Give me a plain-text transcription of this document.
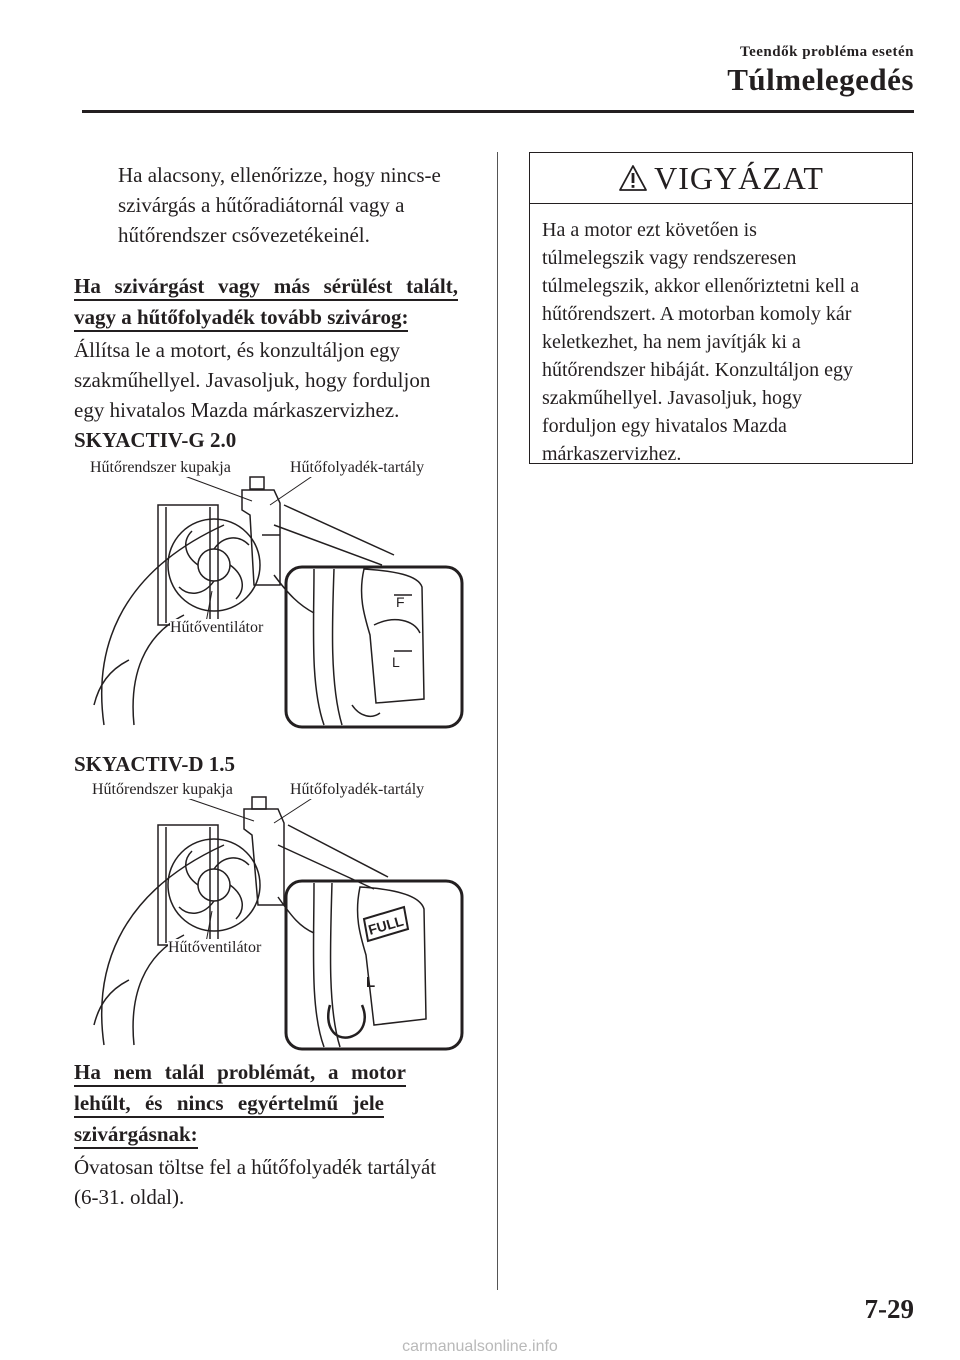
Teendők probléma esetén
Túlmelegedés

Ha alacsony, ellenőrizze, hogy nincs-e

szivárgás a hűtőradiátornál vagy a

hűtőrendszer csővezetékeinél.

Ha szivárgást vagy más sérülést talált,

vagy a hűtőfolyadék tovább szivárog:

Állítsa le a motort, és konzultáljon egy

szakműhellyel. Javasoljuk, hogy forduljon

egy hivatalos Mazda márkaszervizhez.

SKYACTIV-G 2.0

F
L
Hűtőrendszer kupakja	Hűtőfolyadék-tartály
Hűtőventilátor

SKYACTIV-D 1.5

FULL
L
Hűtőrendszer kupakja	Hűtőfolyadék-tartály
Hűtőventilátor

Ha nem talál problémát, a motor

lehűlt, és nincs egyértelmű jele

szivárgásnak:

Óvatosan töltse fel a hűtőfolyadék tartályát

(6-31. oldal).

VIGYÁZAT
Ha a motor ezt követően is
túlmelegszik vagy rendszeresen
túlmelegszik, akkor ellenőriztetni kell a
hűtőrendszert. A motorban komoly kár
keletkezhet, ha nem javítják ki a
hűtőrendszer hibáját. Konzultáljon egy
szakműhellyel. Javasoljuk, hogy
forduljon egy hivatalos Mazda
márkaszervizhez.
7-29
carmanualsonline.info
